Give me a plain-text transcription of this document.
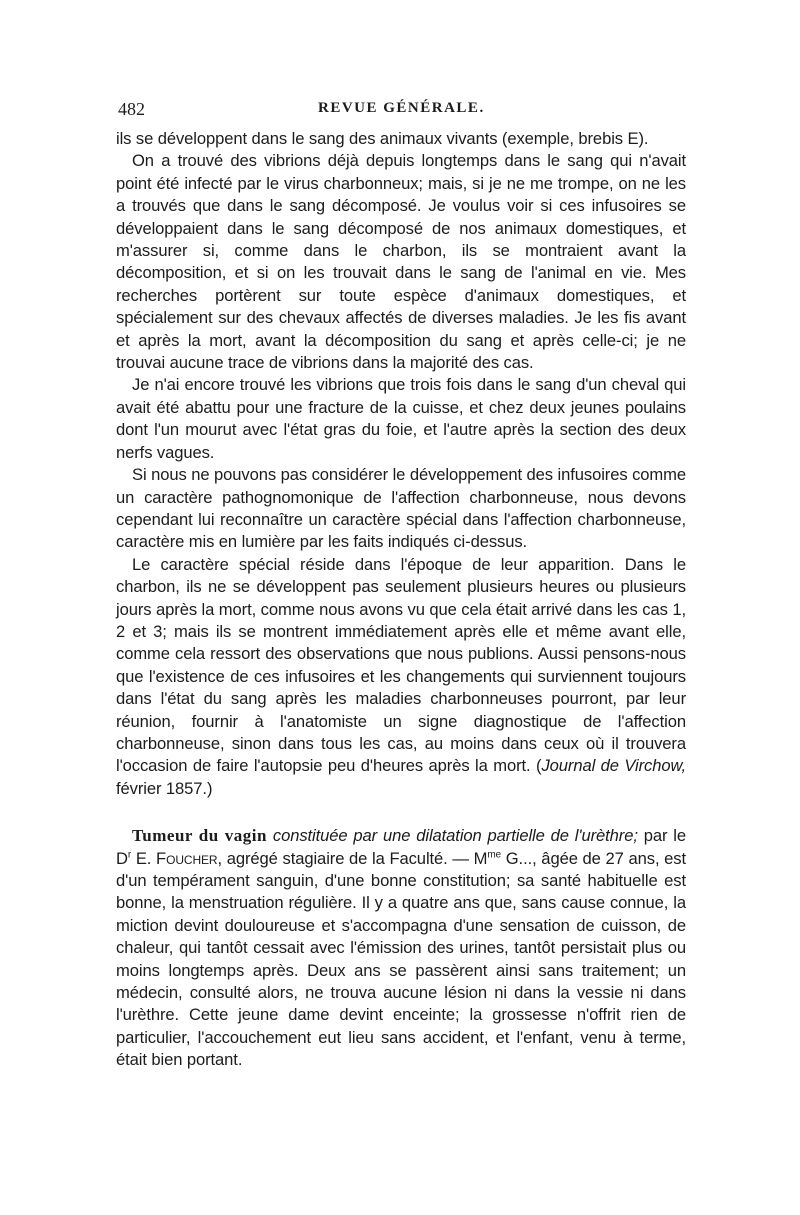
482	REVUE GÉNÉRALE.

ils se développent dans le sang des animaux vivants (exemple, brebis E).

On a trouvé des vibrions déjà depuis longtemps dans le sang qui n'avait point été infecté par le virus charbonneux; mais, si je ne me trompe, on ne les a trouvés que dans le sang décomposé. Je voulus voir si ces infusoires se développaient dans le sang décomposé de nos animaux domestiques, et m'assurer si, comme dans le charbon, ils se montraient avant la décomposition, et si on les trouvait dans le sang de l'animal en vie. Mes recherches portèrent sur toute espèce d'animaux domestiques, et spécialement sur des chevaux affectés de diverses maladies. Je les fis avant et après la mort, avant la décomposition du sang et après celle-ci; je ne trouvai aucune trace de vibrions dans la majorité des cas.

Je n'ai encore trouvé les vibrions que trois fois dans le sang d'un cheval qui avait été abattu pour une fracture de la cuisse, et chez deux jeunes poulains dont l'un mourut avec l'état gras du foie, et l'autre après la section des deux nerfs vagues.

Si nous ne pouvons pas considérer le développement des infusoires comme un caractère pathognomonique de l'affection charbonneuse, nous devons cependant lui reconnaître un caractère spécial dans l'affection charbonneuse, caractère mis en lumière par les faits indiqués ci-dessus.

Le caractère spécial réside dans l'époque de leur apparition. Dans le charbon, ils ne se développent pas seulement plusieurs heures ou plusieurs jours après la mort, comme nous avons vu que cela était arrivé dans les cas 1, 2 et 3; mais ils se montrent immédiatement après elle et même avant elle, comme cela ressort des observations que nous publions. Aussi pensons-nous que l'existence de ces infusoires et les changements qui surviennent toujours dans l'état du sang après les maladies charbonneuses pourront, par leur réunion, fournir à l'anatomiste un signe diagnostique de l'affection charbonneuse, sinon dans tous les cas, au moins dans ceux où il trouvera l'occasion de faire l'autopsie peu d'heures après la mort. (Journal de Virchow, février 1857.)

Tumeur du vagin constituée par une dilatation partielle de l'urèthre; par le $D^r$ E. Foucher, agrégé stagiaire de la Faculté. — $M^{me}$ G..., âgée de 27 ans, est d'un tempérament sanguin, d'une bonne constitution; sa santé habituelle est bonne, la menstruation régulière. Il y a quatre ans que, sans cause connue, la miction devint douloureuse et s'accompagna d'une sensation de cuisson, de chaleur, qui tantôt cessait avec l'émission des urines, tantôt persistait plus ou moins longtemps après. Deux ans se passèrent ainsi sans traitement; un médecin, consulté alors, ne trouva aucune lésion ni dans la vessie ni dans l'urèthre. Cette jeune dame devint enceinte; la grossesse n'offrit rien de particulier, l'accouchement eut lieu sans accident, et l'enfant, venu à terme, était bien portant.
